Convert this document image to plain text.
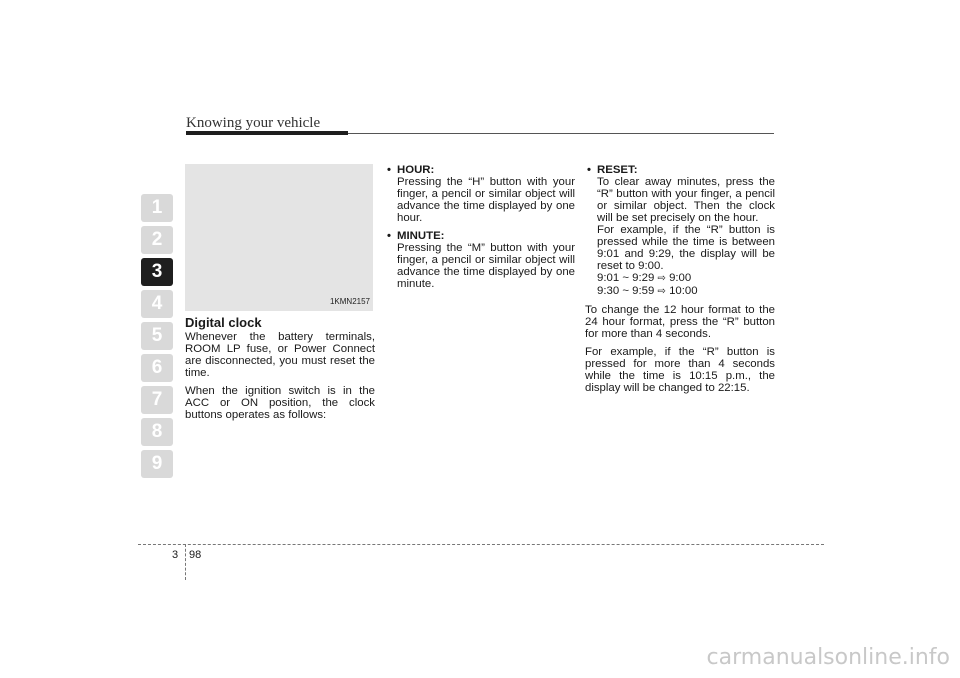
Knowing your vehicle
1
2
3
4
5
6
7
8
9
1KMN2157
Digital clock

Whenever the battery terminals, ROOM LP fuse, or Power Connect are disconnected, you must reset the time.

When the ignition switch is in the ACC or ON position, the clock buttons operates as follows:

• HOUR:
Pressing the “H” button with your finger, a pencil or similar object will advance the time displayed by one hour.
• MINUTE:
Pressing the “M” button with your finger, a pencil or similar object will advance the time displayed by one minute.
• RESET:
To clear away minutes, press the “R” button with your finger, a pencil or similar object. Then the clock will be set precisely on the hour.
For example, if the “R” button is pressed while the time is between 9:01 and 9:29, the display will be reset to 9:00.
9:01 ~ 9:29 ⇨ 9:00
9:30 ~ 9:59 ⇨ 10:00

To change the 12 hour format to the 24 hour format, press the “R” button for more than 4 seconds.

For example, if the “R” button is pressed for more than 4 seconds while the time is 10:15 p.m., the display will be changed to 22:15.

3 98
carmanualsonline.info
